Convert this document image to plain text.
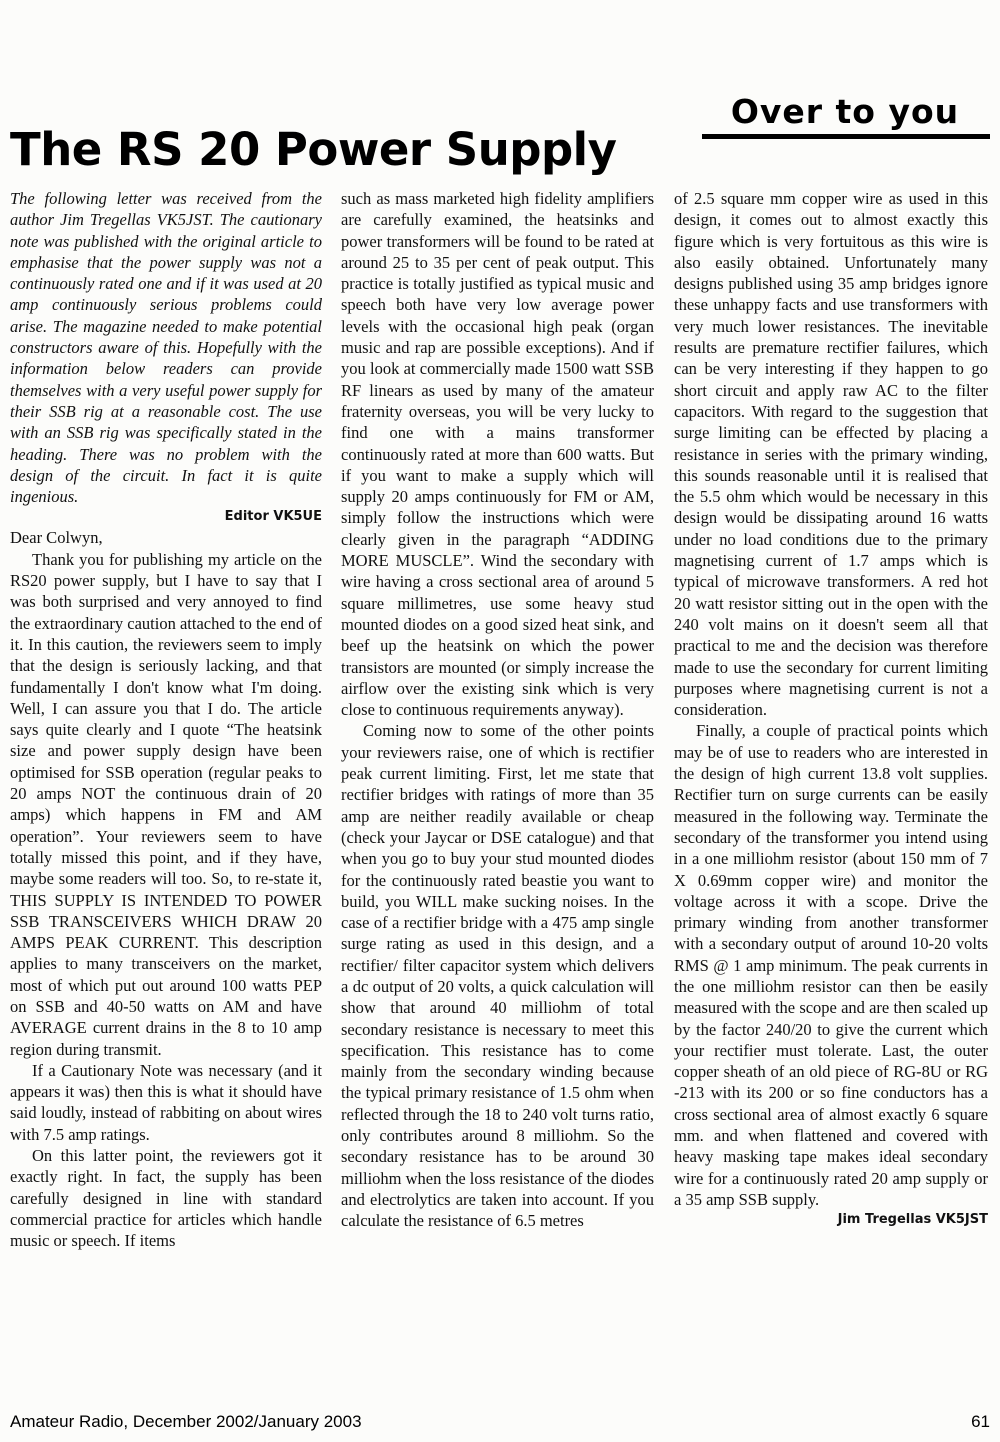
Over to you
The RS 20 Power Supply

The following letter was received from the author Jim Tregellas VK5JST. The cautionary note was published with the original article to emphasise that the power supply was not a continuously rated one and if it was used at 20 amp continuously serious problems could arise. The magazine needed to make potential constructors aware of this. Hopefully with the information below readers can provide themselves with a very useful power supply for their SSB rig at a reasonable cost. The use with an SSB rig was specifically stated in the heading. There was no problem with the design of the circuit. In fact it is quite ingenious.

Editor VK5UE

Dear Colwyn,

Thank you for publishing my article on the RS20 power supply, but I have to say that I was both surprised and very annoyed to find the extraordinary caution attached to the end of it. In this caution, the reviewers seem to imply that the design is seriously lacking, and that fundamentally I don't know what I'm doing. Well, I can assure you that I do. The article says quite clearly and I quote “The heatsink size and power supply design have been optimised for SSB operation (regular peaks to 20 amps NOT the continuous drain of 20 amps) which happens in FM and AM operation”. Your reviewers seem to have totally missed this point, and if they have, maybe some readers will too. So, to re-state it, THIS SUPPLY IS INTENDED TO POWER SSB TRANSCEIVERS WHICH DRAW 20 AMPS PEAK CURRENT. This description applies to many transceivers on the market, most of which put out around 100 watts PEP on SSB and 40-50 watts on AM and have AVERAGE current drains in the 8 to 10 amp region during transmit.

If a Cautionary Note was necessary (and it appears it was) then this is what it should have said loudly, instead of rabbiting on about wires with 7.5 amp ratings.

On this latter point, the reviewers got it exactly right. In fact, the supply has been carefully designed in line with standard commercial practice for articles which handle music or speech. If items

such as mass marketed high fidelity amplifiers are carefully examined, the heatsinks and power transformers will be found to be rated at around 25 to 35 per cent of peak output. This practice is totally justified as typical music and speech both have very low average power levels with the occasional high peak (organ music and rap are possible exceptions). And if you look at commercially made 1500 watt SSB RF linears as used by many of the amateur fraternity overseas, you will be very lucky to find one with a mains transformer continuously rated at more than 600 watts. But if you want to make a supply which will supply 20 amps continuously for FM or AM, simply follow the instructions which were clearly given in the paragraph “ADDING MORE MUSCLE”. Wind the secondary with wire having a cross sectional area of around 5 square millimetres, use some heavy stud mounted diodes on a good sized heat sink, and beef up the heatsink on which the power transistors are mounted (or simply increase the airflow over the existing sink which is very close to continuous requirements anyway).

Coming now to some of the other points your reviewers raise, one of which is rectifier peak current limiting. First, let me state that rectifier bridges with ratings of more than 35 amp are neither readily available or cheap (check your Jaycar or DSE catalogue) and that when you go to buy your stud mounted diodes for the continuously rated beastie you want to build, you WILL make sucking noises. In the case of a rectifier bridge with a 475 amp single surge rating as used in this design, and a rectifier/ filter capacitor system which delivers a dc output of 20 volts, a quick calculation will show that around 40 milliohm of total secondary resistance is necessary to meet this specification. This resistance has to come mainly from the secondary winding because the typical primary resistance of 1.5 ohm when reflected through the 18 to 240 volt turns ratio, only contributes around 8 milliohm. So the secondary resistance has to be around 30 milliohm when the loss resistance of the diodes and electrolytics are taken into account. If you calculate the resistance of 6.5 metres

of 2.5 square mm copper wire as used in this design, it comes out to almost exactly this figure which is very fortuitous as this wire is also easily obtained. Unfortunately many designs published using 35 amp bridges ignore these unhappy facts and use transformers with very much lower resistances. The inevitable results are premature rectifier failures, which can be very interesting if they happen to go short circuit and apply raw AC to the filter capacitors. With regard to the suggestion that surge limiting can be effected by placing a resistance in series with the primary winding, this sounds reasonable until it is realised that the 5.5 ohm which would be necessary in this design would be dissipating around 16 watts under no load conditions due to the primary magnetising current of 1.7 amps which is typical of microwave transformers. A red hot 20 watt resistor sitting out in the open with the 240 volt mains on it doesn't seem all that practical to me and the decision was therefore made to use the secondary for current limiting purposes where magnetising current is not a consideration.

Finally, a couple of practical points which may be of use to readers who are interested in the design of high current 13.8 volt supplies. Rectifier turn on surge currents can be easily measured in the following way. Terminate the secondary of the transformer you intend using in a one milliohm resistor (about 150 mm of 7 X 0.69mm copper wire) and monitor the voltage across it with a scope. Drive the primary winding from another transformer with a secondary output of around 10-20 volts RMS @ 1 amp minimum. The peak currents in the one milliohm resistor can then be easily measured with the scope and are then scaled up by the factor 240/20 to give the current which your rectifier must tolerate. Last, the outer copper sheath of an old piece of RG-8U or RG -213 with its 200 or so fine conductors has a cross sectional area of almost exactly 6 square mm. and when flattened and covered with heavy masking tape makes ideal secondary wire for a continuously rated 20 amp supply or a 35 amp SSB supply.

Jim Tregellas VK5JST

Amateur Radio, December 2002/January 2003	61
